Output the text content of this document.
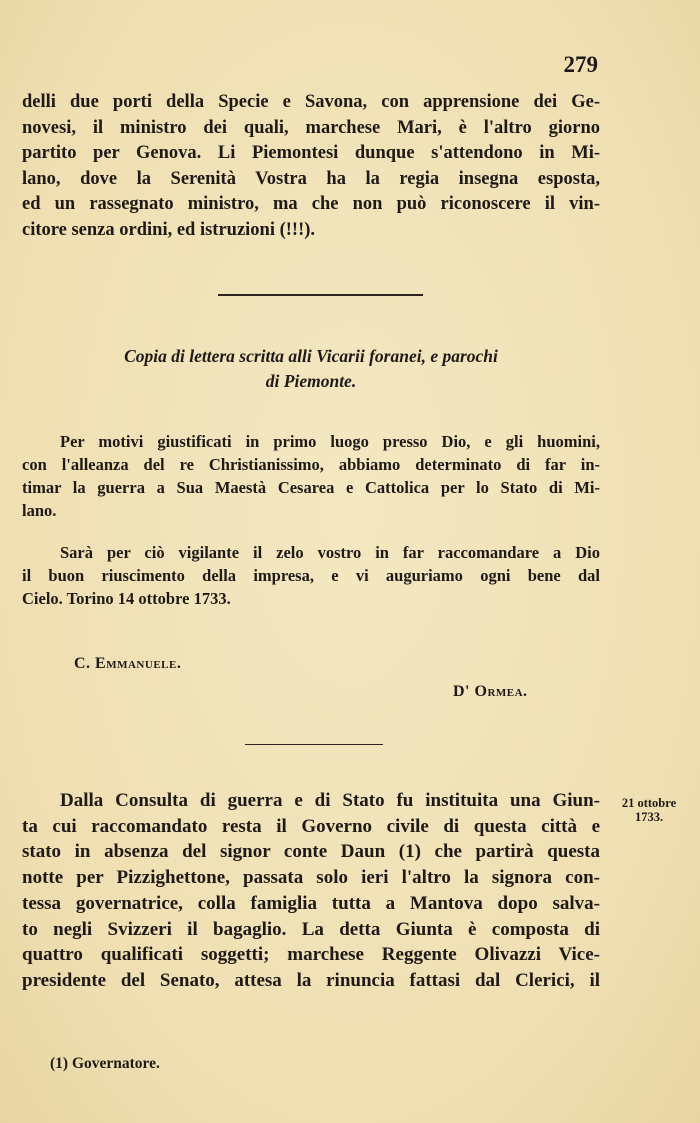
279
delli due porti della Specie e Savona, con apprensione dei Ge-
novesi, il ministro dei quali, marchese Mari, è l'altro giorno
partito per Genova. Li Piemontesi dunque s'attendono in Mi-
lano, dove la Serenità Vostra ha la regia insegna esposta,
ed un rassegnato ministro, ma che non può riconoscere il vin-
citore senza ordini, ed istruzioni (!!!).
Copia di lettera scritta alli Vicarii foranei, e parochi
di Piemonte.
Per motivi giustificati in primo luogo presso Dio, e gli huomini,
con l'alleanza del re Christianissimo, abbiamo determinato di far in-
timar la guerra a Sua Maestà Cesarea e Cattolica per lo Stato di Mi-
lano.
Sarà per ciò vigilante il zelo vostro in far raccomandare a Dio
il buon riuscimento della impresa, e vi auguriamo ogni bene dal
Cielo. Torino 14 ottobre 1733.
C. Emmanuele.
D' Ormea.
Dalla Consulta di guerra e di Stato fu instituita una Giun-
ta cui raccomandato resta il Governo civile di questa città e
stato in absenza del signor conte Daun (1) che partirà questa
notte per Pizzighettone, passata solo ieri l'altro la signora con-
tessa governatrice, colla famiglia tutta a Mantova dopo salva-
to negli Svizzeri il bagaglio. La detta Giunta è composta di
quattro qualificati soggetti; marchese Reggente Olivazzi Vice-
presidente del Senato, attesa la rinuncia fattasi dal Clerici, il
21 ottobre
1733.
(1) Governatore.
